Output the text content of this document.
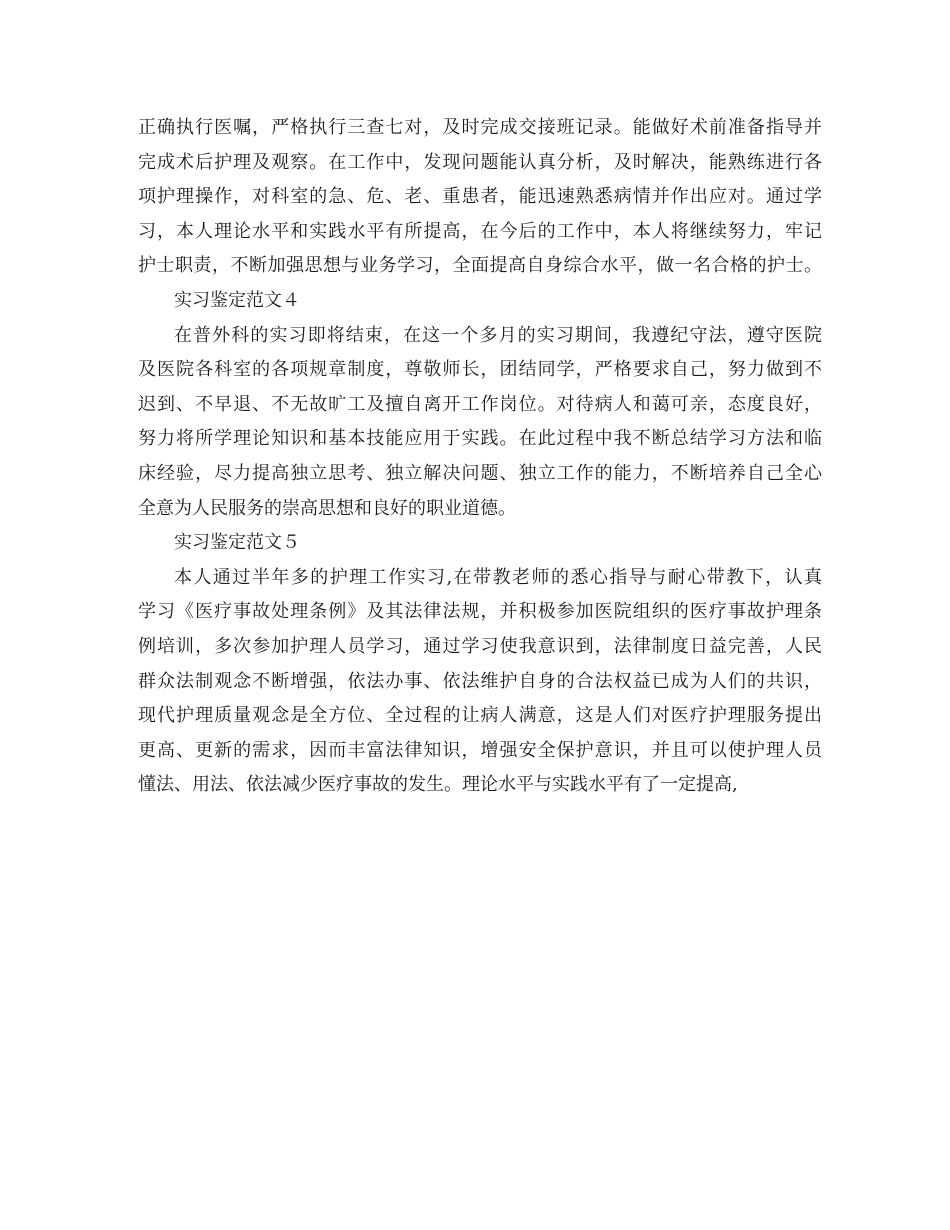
正确执行医嘱，严格执行三查七对，及时完成交接班记录。能做好术前准备指导并
完成术后护理及观察。在工作中，发现问题能认真分析，及时解决，能熟练进行各
项护理操作，对科室的急、危、老、重患者，能迅速熟悉病情并作出应对。通过学
习，本人理论水平和实践水平有所提高，在今后的工作中，本人将继续努力，牢记
护士职责，不断加强思想与业务学习，全面提高自身综合水平，做一名合格的护士。
实习鉴定范文４
在普外科的实习即将结束，在这一个多月的实习期间，我遵纪守法，遵守医院
及医院各科室的各项规章制度，尊敬师长，团结同学，严格要求自己，努力做到不
迟到、不早退、不无故旷工及擅自离开工作岗位。对待病人和蔼可亲，态度良好，
努力将所学理论知识和基本技能应用于实践。在此过程中我不断总结学习方法和临
床经验，尽力提高独立思考、独立解决问题、独立工作的能力，不断培养自己全心
全意为人民服务的崇高思想和良好的职业道德。
实习鉴定范文５
本人通过半年多的护理工作实习,在带教老师的悉心指导与耐心带教下，认真
学习《医疗事故处理条例》及其法律法规，并积极参加医院组织的医疗事故护理条
例培训，多次参加护理人员学习，通过学习使我意识到，法律制度日益完善，人民
群众法制观念不断增强，依法办事、依法维护自身的合法权益已成为人们的共识，
现代护理质量观念是全方位、全过程的让病人满意，这是人们对医疗护理服务提出
更高、更新的需求，因而丰富法律知识，增强安全保护意识，并且可以使护理人员
懂法、用法、依法减少医疗事故的发生。理论水平与实践水平有了一定提高,
